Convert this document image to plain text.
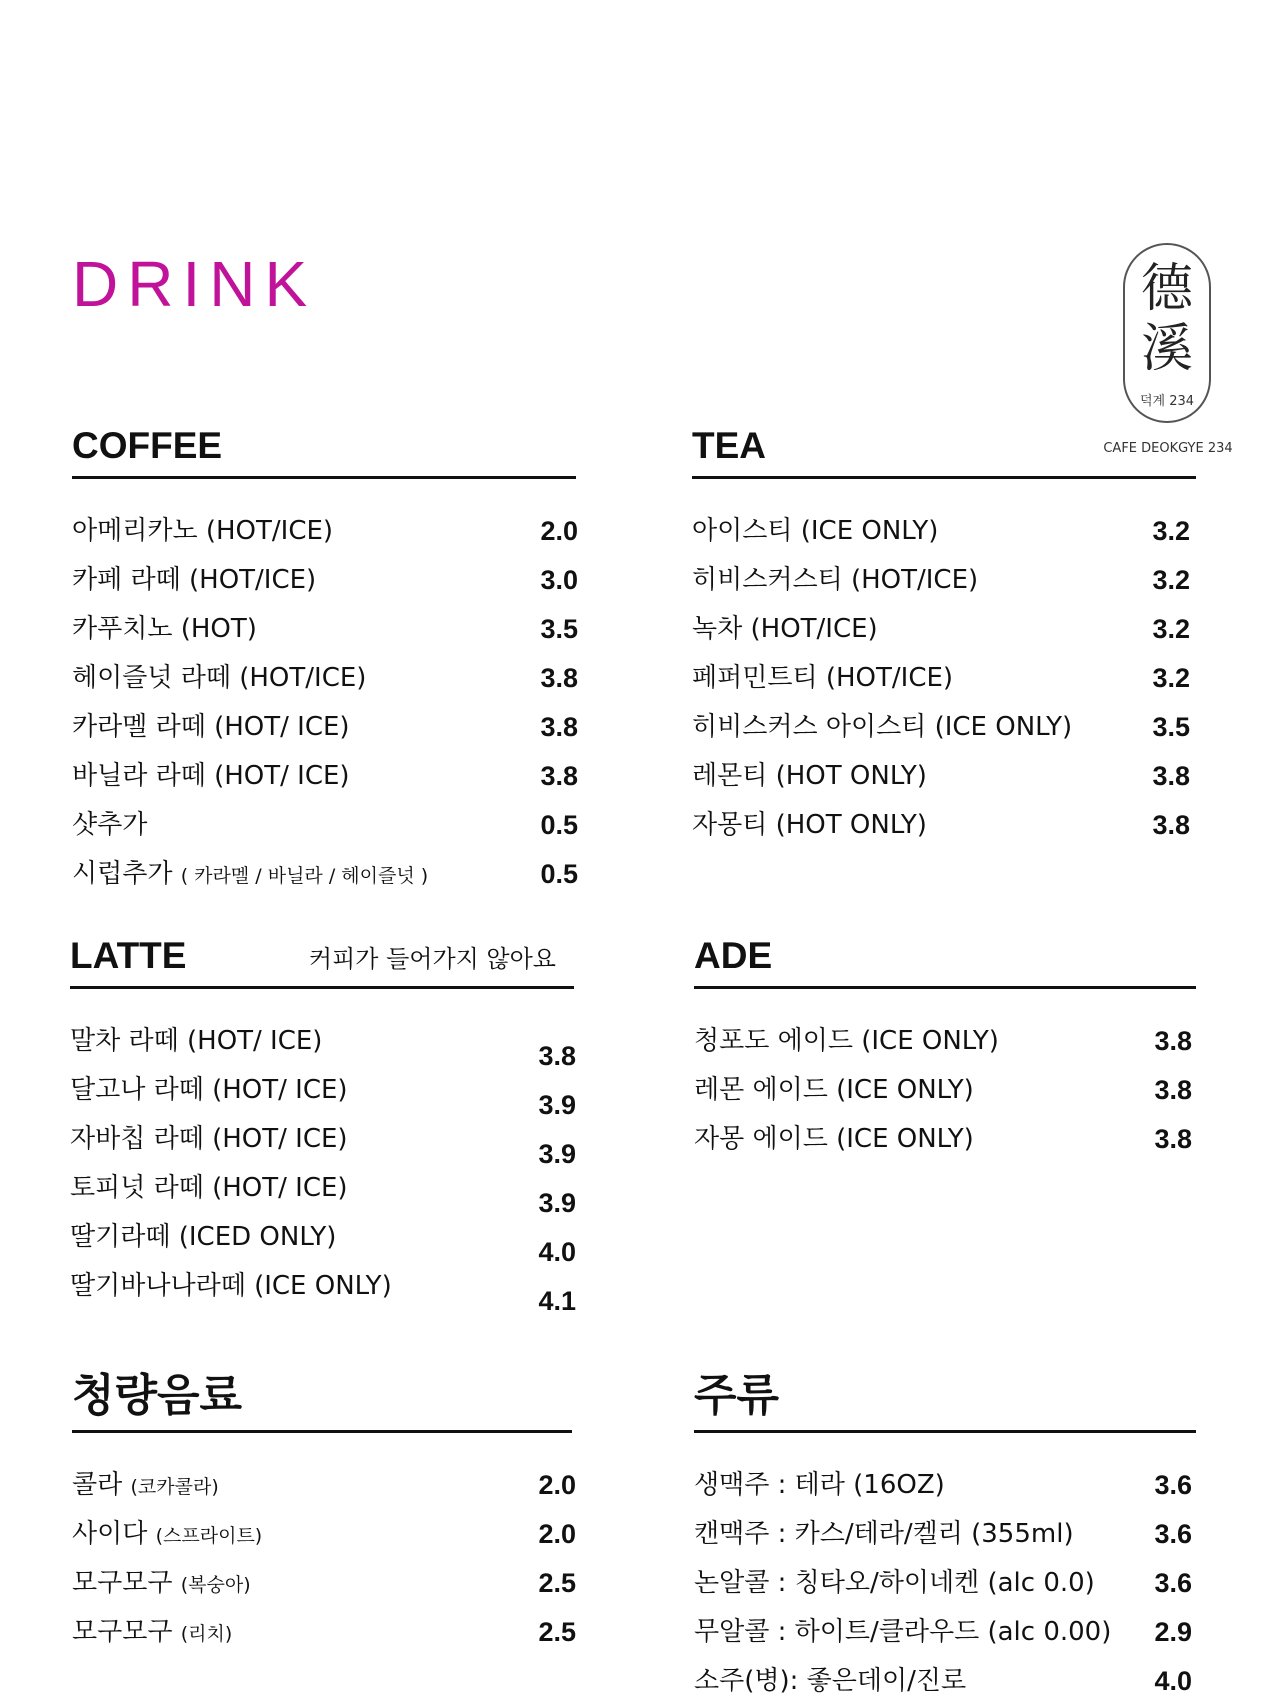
DRINK	德
溪
덕계 234
CAFE DEOKGYE 234
COFFEE
아메리카노 (HOT/ICE)	2.0
카페 라떼 (HOT/ICE)	3.0
카푸치노 (HOT)	3.5
헤이즐넛 라떼 (HOT/ICE)	3.8
카라멜 라떼 (HOT/ ICE)	3.8
바닐라 라떼 (HOT/ ICE)	3.8
샷추가	0.5
시럽추가 ( 카라멜 / 바닐라 / 헤이즐넛 )	0.5
TEA
아이스티 (ICE ONLY)	3.2
히비스커스티 (HOT/ICE)	3.2
녹차 (HOT/ICE)	3.2
페퍼민트티 (HOT/ICE)	3.2
히비스커스 아이스티 (ICE ONLY)	3.5
레몬티 (HOT ONLY)	3.8
자몽티 (HOT ONLY)	3.8
LATTE	커피가 들어가지 않아요
말차 라떼 (HOT/ ICE)	3.8
달고나 라떼 (HOT/ ICE)	3.9
자바칩 라떼 (HOT/ ICE)	3.9
토피넛 라떼 (HOT/ ICE)	3.9
딸기라떼 (ICED ONLY)	4.0
딸기바나나라떼 (ICE ONLY)	4.1
ADE
청포도 에이드 (ICE ONLY)	3.8
레몬 에이드 (ICE ONLY)	3.8
자몽 에이드 (ICE ONLY)	3.8
청량음료
콜라 (코카콜라)	2.0
사이다 (스프라이트)	2.0
모구모구 (복숭아)	2.5
모구모구 (리치)	2.5
주류
생맥주 : 테라 (16OZ)	3.6
캔맥주 : 카스/테라/켈리 (355ml)	3.6
논알콜 : 칭타오/하이네켄 (alc 0.0)	3.6
무알콜 : 하이트/클라우드 (alc 0.00)	2.9
소주(병): 좋은데이/진로	4.0
